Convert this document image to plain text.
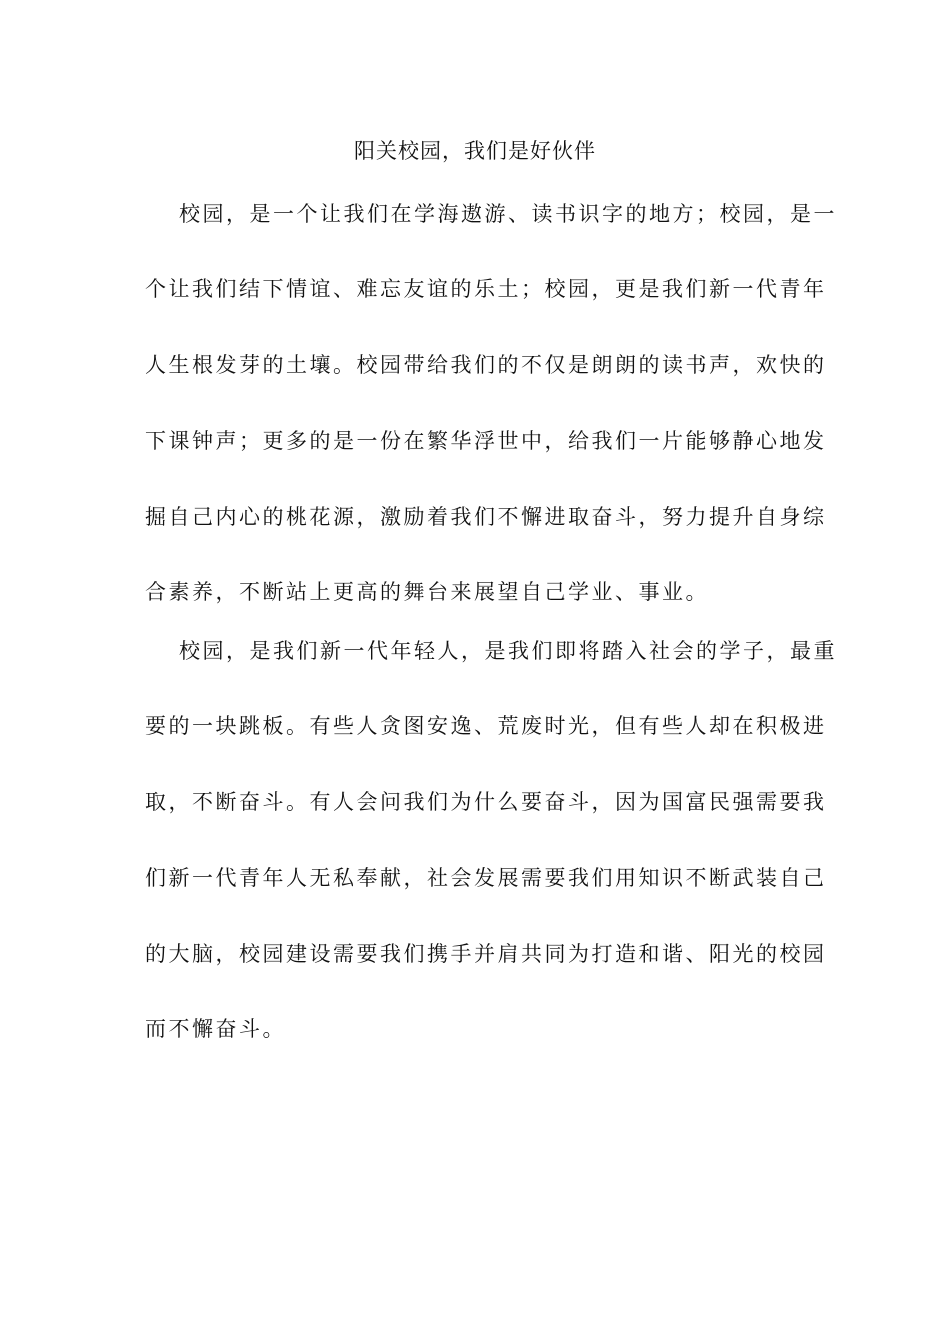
阳关校园，我们是好伙伴
校园，是一个让我们在学海遨游、读书识字的地方；校园，是一
个让我们结下情谊、难忘友谊的乐土；校园，更是我们新一代青年
人生根发芽的土壤。校园带给我们的不仅是朗朗的读书声，欢快的
下课钟声；更多的是一份在繁华浮世中，给我们一片能够静心地发
掘自己内心的桃花源，激励着我们不懈进取奋斗，努力提升自身综
合素养，不断站上更高的舞台来展望自己学业、事业。
校园，是我们新一代年轻人，是我们即将踏入社会的学子，最重
要的一块跳板。有些人贪图安逸、荒废时光，但有些人却在积极进
取，不断奋斗。有人会问我们为什么要奋斗，因为国富民强需要我
们新一代青年人无私奉献，社会发展需要我们用知识不断武装自己
的大脑，校园建设需要我们携手并肩共同为打造和谐、阳光的校园
而不懈奋斗。
